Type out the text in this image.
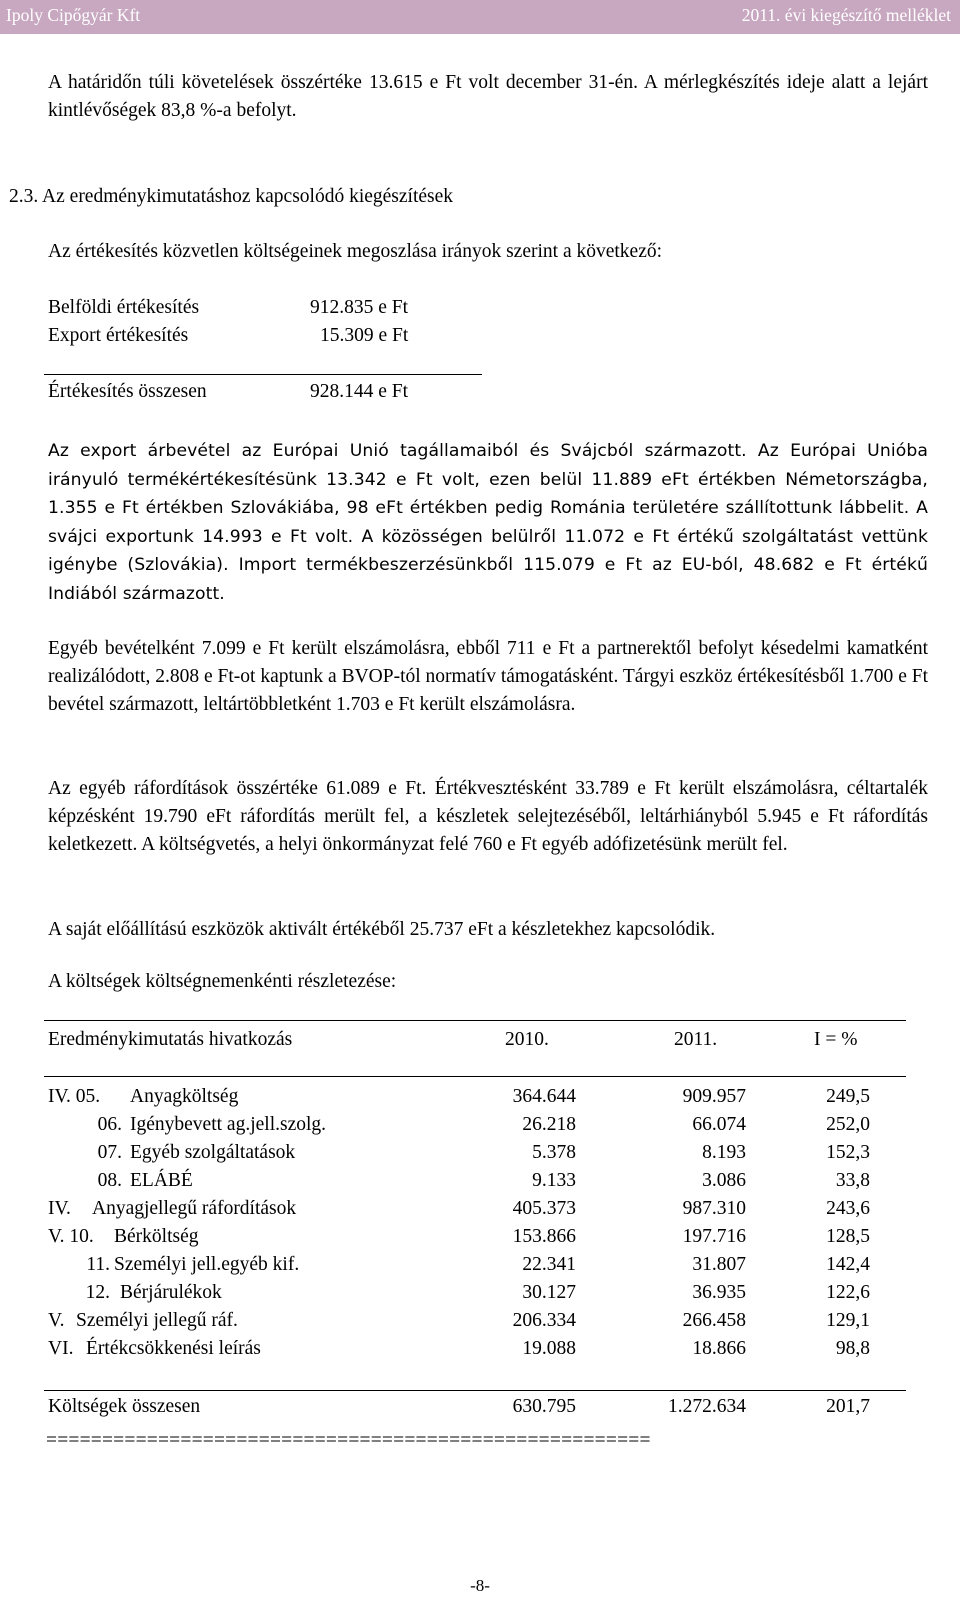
Ipoly Cipőgyár Kft	2011. évi kiegészítő melléklet

A határidőn túli követelések összértéke 13.615 e Ft volt december 31-én. A mérlegkészítés ideje alatt a lejárt kintlévőségek 83,8 %-a befolyt.

2.3. Az eredménykimutatáshoz kapcsolódó kiegészítések
Az értékesítés közvetlen költségeinek megoszlása irányok szerint a következő:
Belföldi értékesítés	912.835 e Ft
Export értékesítés	15.309 e Ft
Értékesítés összesen	928.144 e Ft

Az export árbevétel az Európai Unió tagállamaiból és Svájcból származott. Az Európai Unióba irányuló termékértékesítésünk 13.342 e Ft volt, ezen belül 11.889 eFt értékben Németországba, 1.355 e Ft értékben Szlovákiába, 98 eFt értékben pedig Románia területére szállítottunk lábbelit. A svájci exportunk 14.993 e Ft volt. A közösségen belülről 11.072 e Ft értékű szolgáltatást vettünk igénybe (Szlovákia). Import termékbeszerzésünkből 115.079 e Ft az EU-ból, 48.682 e Ft értékű Indiából származott.

Egyéb bevételként 7.099 e Ft került elszámolásra, ebből 711 e Ft a partnerektől befolyt késedelmi kamatként realizálódott, 2.808 e Ft-ot kaptunk a BVOP-tól normatív támogatásként. Tárgyi eszköz értékesítésből 1.700 e Ft bevétel származott, leltártöbbletként 1.703 e Ft került elszámolásra.

Az egyéb ráfordítások összértéke 61.089 e Ft. Értékvesztésként 33.789 e Ft került elszámolásra, céltartalék képzésként 19.790 eFt ráfordítás merült fel, a készletek selejtezéséből, leltárhiányból 5.945 e Ft ráfordítás keletkezett. A költségvetés, a helyi önkormányzat felé 760 e Ft egyéb adófizetésünk merült fel.

A saját előállítású eszközök aktivált értékéből 25.737 eFt a készletekhez kapcsolódik.

A költségek költségnemenkénti részletezése:
Eredménykimutatás hivatkozás	2010.	2011.	I = %
IV. 05. Anyagköltség	364.644	909.957	249,5
06. Igénybevett ag.jell.szolg.	26.218	66.074	252,0
07. Egyéb szolgáltatások	5.378	8.193	152,3
08. ELÁBÉ	9.133	3.086	33,8
IV. Anyagjellegű ráfordítások	405.373	987.310	243,6
V. 10. Bérköltség	153.866	197.716	128,5
11. Személyi jell.egyéb kif.	22.341	31.807	142,4
12. Bérjárulékok	30.127	36.935	122,6
V. Személyi jellegű ráf.	206.334	266.458	129,1
VI. Értékcsökkenési leírás	19.088	18.866	98,8
Költségek összesen	630.795	1.272.634	201,7
======================================================
-8-
